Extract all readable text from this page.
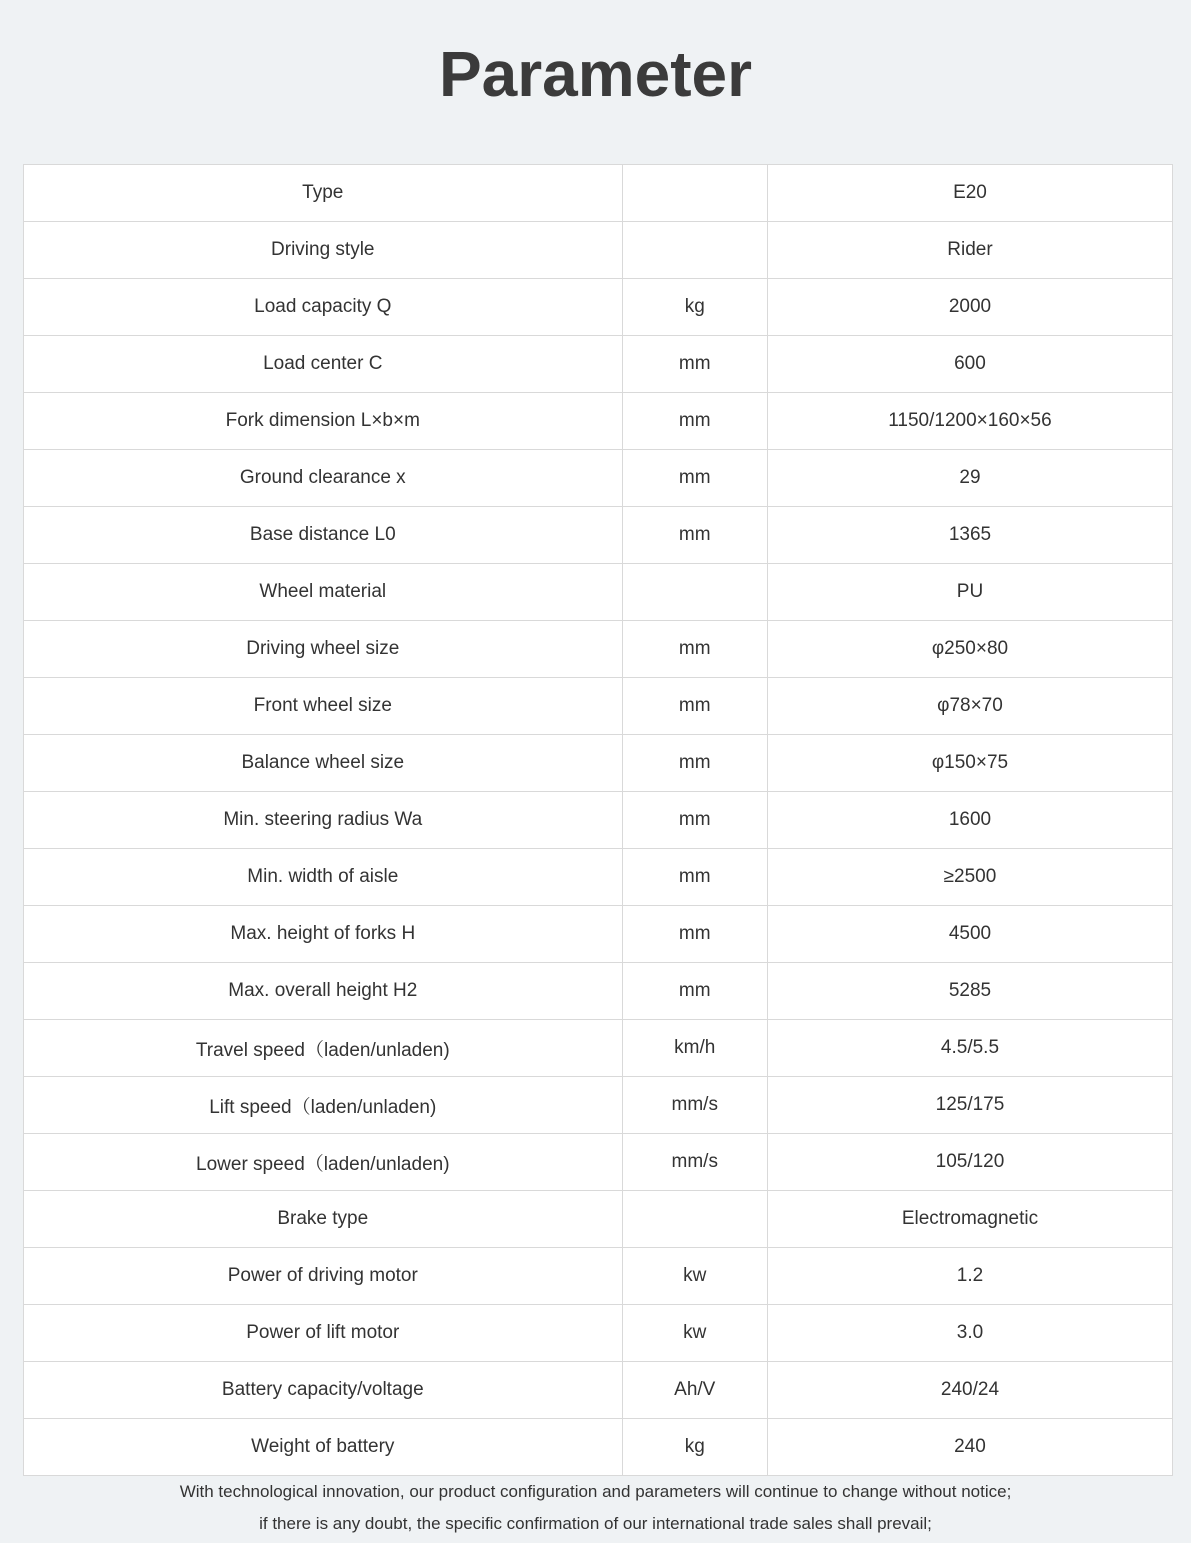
Parameter
Type		E20
Driving style		Rider
Load capacity Q	kg	2000
Load center C	mm	600
Fork dimension L×b×m	mm	1150/1200×160×56
Ground clearance x	mm	29
Base distance L0	mm	1365
Wheel material		PU
Driving wheel size	mm	φ250×80
Front wheel size	mm	φ78×70
Balance wheel size	mm	φ150×75
Min. steering radius Wa	mm	1600
Min. width of aisle	mm	≥2500
Max. height of forks H	mm	4500
Max. overall height H2	mm	5285
Travel speed（laden/unladen)	km/h	4.5/5.5
Lift speed（laden/unladen)	mm/s	125/175
Lower speed（laden/unladen)	mm/s	105/120
Brake type		Electromagnetic
Power of driving motor	kw	1.2
Power of lift motor	kw	3.0
Battery capacity/voltage	Ah/V	240/24
Weight of battery	kg	240

With technological innovation, our product configuration and parameters will continue to change without notice;

if there is any doubt, the specific confirmation of our international trade sales shall prevail;
